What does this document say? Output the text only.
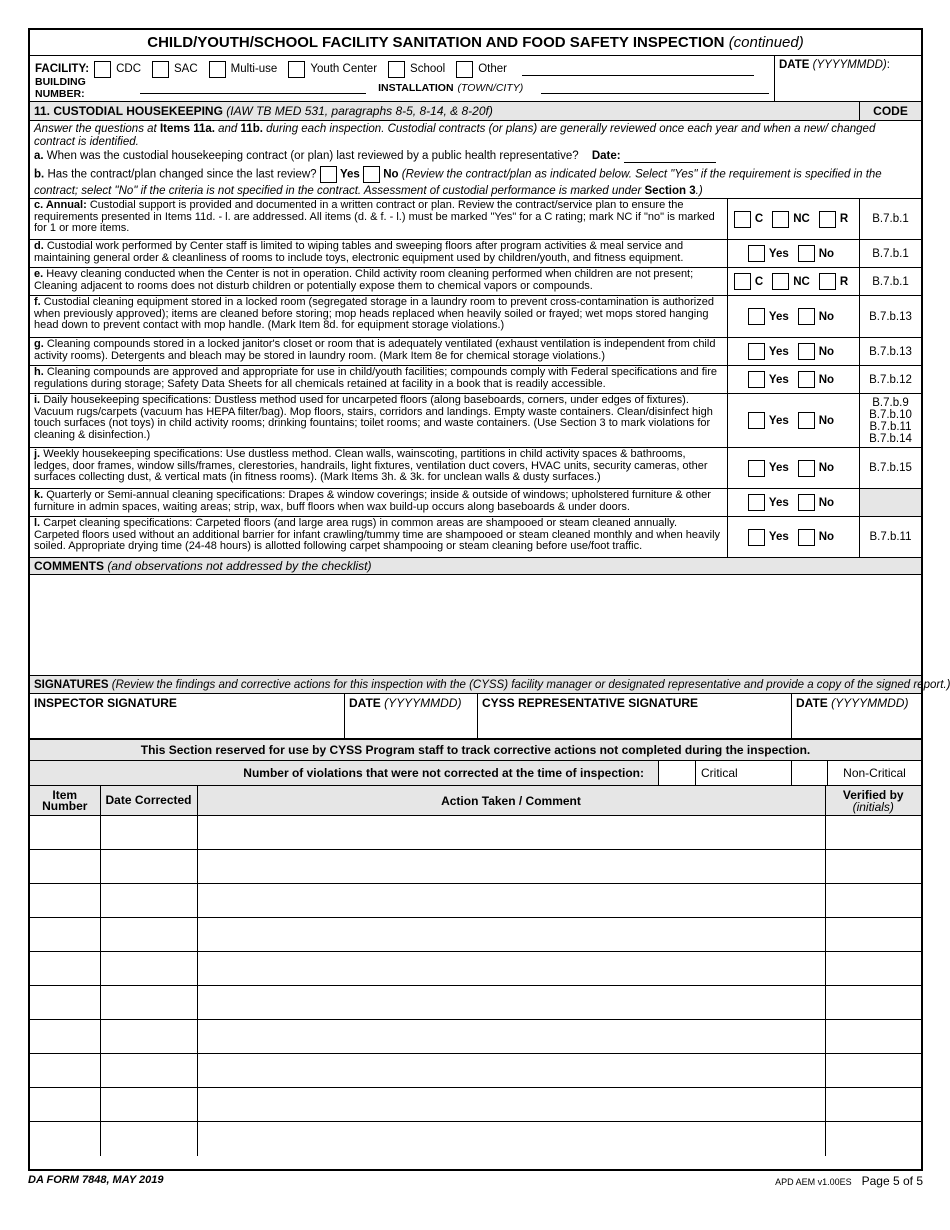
CHILD/YOUTH/SCHOOL FACILITY SANITATION AND FOOD SAFETY INSPECTION (continued)
FACILITY: CDC	SAC	Multi-use	Youth Center	School	Other
BUILDING NUMBER:	INSTALLATION (TOWN/CITY)
DATE (YYYYMMDD):
11. CUSTODIAL HOUSEKEEPING (IAW TB MED 531, paragraphs 8-5, 8-14, & 8-20f)	CODE
Answer the questions at Items 11a. and 11b. during each inspection. Custodial contracts (or plans) are generally reviewed once each year and when a new/ changed contract is identified.
a. When was the custodial housekeeping contract (or plan) last reviewed by a public health representative? Date:
b. Has the contract/plan changed since the last review? Yes No (Review the contract/plan as indicated below. Select "Yes" if the requirement is specified in the contract; select "No" if the criteria is not specified in the contract. Assessment of custodial performance is marked under Section 3.)
c. Annual: Custodial support is provided and documented in a written contract or plan. Review the contract/service plan to ensure the requirements presented in Items 11d. - l. are addressed. All items (d. & f. - l.) must be marked "Yes" for a C rating; mark NC if "no" is marked for 1 or more items.
C	NC	R B.7.b.1
d. Custodial work performed by Center staff is limited to wiping tables and sweeping floors after program activities & meal service and maintaining general order & cleanliness of rooms to include toys, electronic equipment used by children/youth, and fitness equipment.	Yes	No	B.7.b.1
e. Heavy cleaning conducted when the Center is not in operation. Child activity room cleaning performed when children are not present; Cleaning adjacent to rooms does not disturb children or potentially expose them to chemical vapors or compounds.	C	NC	R B.7.b.1
f. Custodial cleaning equipment stored in a locked room (segregated storage in a laundry room to prevent cross-contamination is authorized when previously approved); items are cleaned before storing; mop heads replaced when heavily soiled or frayed; wet mops stored hanging head down to prevent contact with mop handle. (Mark Item 8d. for equipment storage violations.)
Yes	No	B.7.b.13
g. Cleaning compounds stored in a locked janitor's closet or room that is adequately ventilated (exhaust ventilation is independent from child activity rooms). Detergents and bleach may be stored in laundry room. (Mark Item 8e for chemical storage violations.)	Yes	No	B.7.b.13
h. Cleaning compounds are approved and appropriate for use in child/youth facilities; compounds comply with Federal specifications and fire regulations during storage; Safety Data Sheets for all chemicals retained at facility in a book that is readily accessible.	Yes	No	B.7.b.12
i. Daily housekeeping specifications: Dustless method used for uncarpeted floors (along baseboards, corners, under edges of fixtures). Vacuum rugs/carpets (vacuum has HEPA filter/bag). Mop floors, stairs, corridors and landings. Empty waste containers. Clean/disinfect high touch surfaces (not toys) in child activity rooms; drinking fountains; toilet rooms; and waste containers. (Use Section 3 to mark violations for cleaning & disinfection.)
Yes	No
B.7.b.9
B.7.b.10
B.7.b.11
B.7.b.14
j. Weekly housekeeping specifications: Use dustless method. Clean walls, wainscoting, partitions in child activity spaces & bathrooms, ledges, door frames, window sills/frames, clerestories, handrails, light fixtures, ventilation duct covers, HVAC units, security cameras, other surfaces collecting dust, & vertical mats (in fitness rooms). (Mark Items 3h. & 3k. for unclean walls & dusty surfaces.)
Yes	No	B.7.b.15
k. Quarterly or Semi-annual cleaning specifications: Drapes & window coverings; inside & outside of windows; upholstered furniture & other furniture in admin spaces, waiting areas; strip, wax, buff floors when wax build-up occurs along baseboards & under doors.	Yes	No
l. Carpet cleaning specifications: Carpeted floors (and large area rugs) in common areas are shampooed or steam cleaned annually. Carpeted floors used without an additional barrier for infant crawling/tummy time are shampooed or steam cleaned monthly and when heavily soiled. Appropriate drying time (24-48 hours) is allotted following carpet shampooing or steam cleaning before use/foot traffic.
Yes	No	B.7.b.11
COMMENTS (and observations not addressed by the checklist)
SIGNATURES (Review the findings and corrective actions for this inspection with the (CYSS) facility manager or designated representative and provide a copy of the signed report.)
INSPECTOR SIGNATURE	DATE (YYYYMMDD)	CYSS REPRESENTATIVE SIGNATURE	DATE (YYYYMMDD)
This Section reserved for use by CYSS Program staff to track corrective actions not completed during the inspection.
Number of violations that were not corrected at the time of inspection:	Critical	Non-Critical
Item Number	Date Corrected	Action Taken / Comment	Verified by
(initials)

DA FORM 7848, MAY 2019	APD AEM v1.00ES Page 5 of 5
